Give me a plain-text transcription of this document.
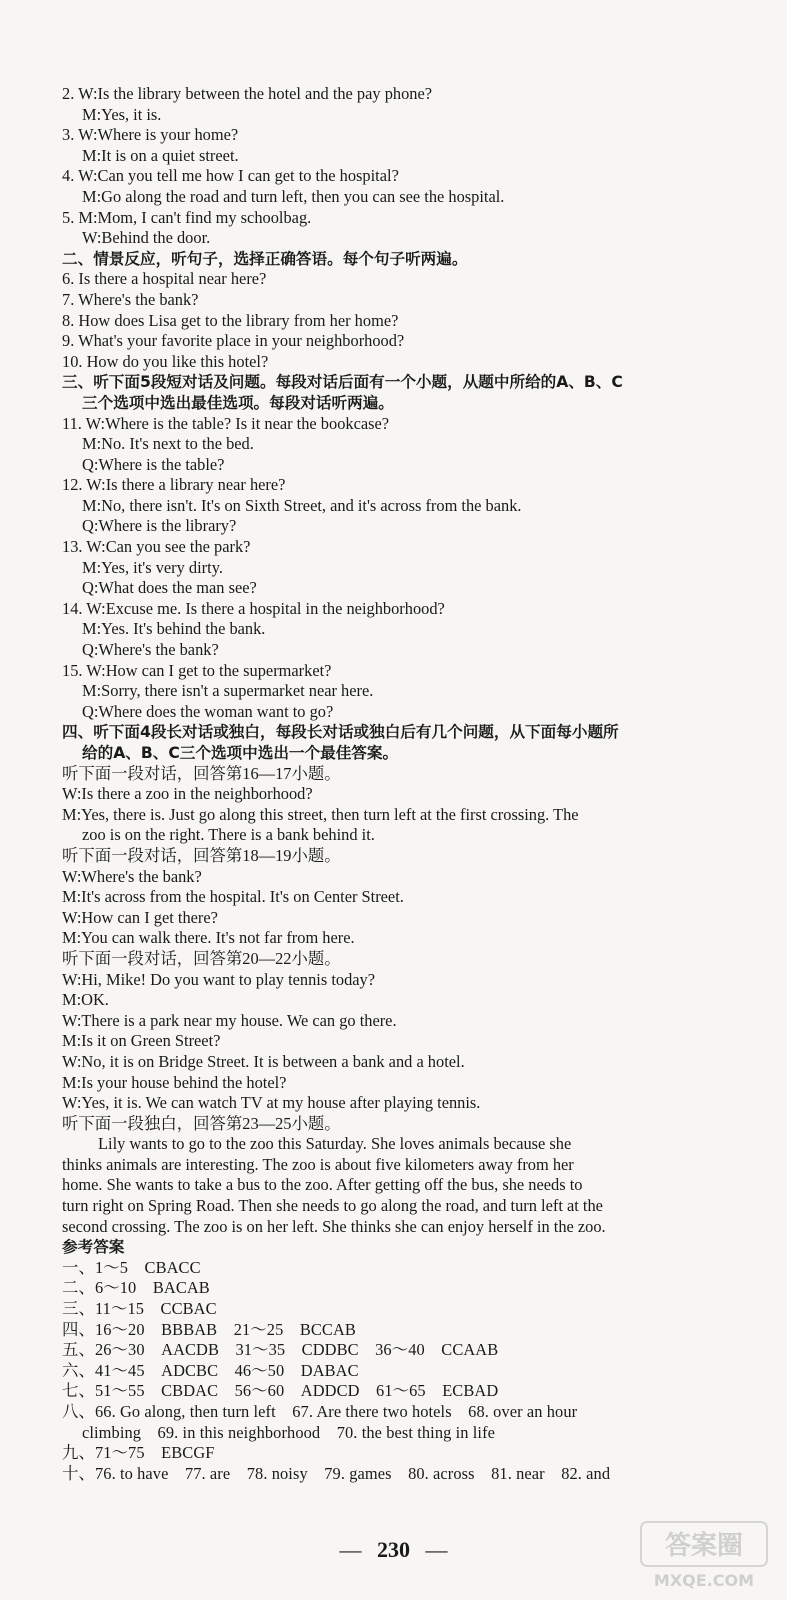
2. W:Is the library between the hotel and the pay phone?
M:Yes, it is.
3. W:Where is your home?
M:It is on a quiet street.
4. W:Can you tell me how I can get to the hospital?
M:Go along the road and turn left, then you can see the hospital.
5. M:Mom, I can't find my schoolbag.
W:Behind the door.
二、情景反应，听句子，选择正确答语。每个句子听两遍。
6. Is there a hospital near here?
7. Where's the bank?
8. How does Lisa get to the library from her home?
9. What's your favorite place in your neighborhood?
10. How do you like this hotel?
三、听下面5段短对话及问题。每段对话后面有一个小题，从题中所给的A、B、C
三个选项中选出最佳选项。每段对话听两遍。
11. W:Where is the table? Is it near the bookcase?
M:No. It's next to the bed.
Q:Where is the table?
12. W:Is there a library near here?
M:No, there isn't. It's on Sixth Street, and it's across from the bank.
Q:Where is the library?
13. W:Can you see the park?
M:Yes, it's very dirty.
Q:What does the man see?
14. W:Excuse me. Is there a hospital in the neighborhood?
M:Yes. It's behind the bank.
Q:Where's the bank?
15. W:How can I get to the supermarket?
M:Sorry, there isn't a supermarket near here.
Q:Where does the woman want to go?
四、听下面4段长对话或独白，每段长对话或独白后有几个问题，从下面每小题所
给的A、B、C三个选项中选出一个最佳答案。
听下面一段对话，回答第16—17小题。
W:Is there a zoo in the neighborhood?
M:Yes, there is. Just go along this street, then turn left at the first crossing. The
zoo is on the right. There is a bank behind it.
听下面一段对话，回答第18—19小题。
W:Where's the bank?
M:It's across from the hospital. It's on Center Street.
W:How can I get there?
M:You can walk there. It's not far from here.
听下面一段对话，回答第20—22小题。
W:Hi, Mike! Do you want to play tennis today?
M:OK.
W:There is a park near my house. We can go there.
M:Is it on Green Street?
W:No, it is on Bridge Street. It is between a bank and a hotel.
M:Is your house behind the hotel?
W:Yes, it is. We can watch TV at my house after playing tennis.
听下面一段独白，回答第23—25小题。
Lily wants to go to the zoo this Saturday. She loves animals because she
thinks animals are interesting. The zoo is about five kilometers away from her
home. She wants to take a bus to the zoo. After getting off the bus, she needs to
turn right on Spring Road. Then she needs to go along the road, and turn left at the
second crossing. The zoo is on her left. She thinks she can enjoy herself in the zoo.
参考答案
一、1～5　CBACC
二、6～10　BACAB
三、11～15　CCBAC
四、16～20　BBBAB　21～25　BCCAB
五、26～30　AACDB　31～35　CDDBC　36～40　CCAAB
六、41～45　ADCBC　46～50　DABAC
七、51～55　CBDAC　56～60　ADDCD　61～65　ECBAD
八、66. Go along, then turn left　67. Are there two hotels　68. over an hour
climbing　69. in this neighborhood　70. the best thing in life
九、71～75　EBCGF
十、76. to have　77. are　78. noisy　79. games　80. across　81. near　82. and
— 230 —	答案圈
MXQE.COM
